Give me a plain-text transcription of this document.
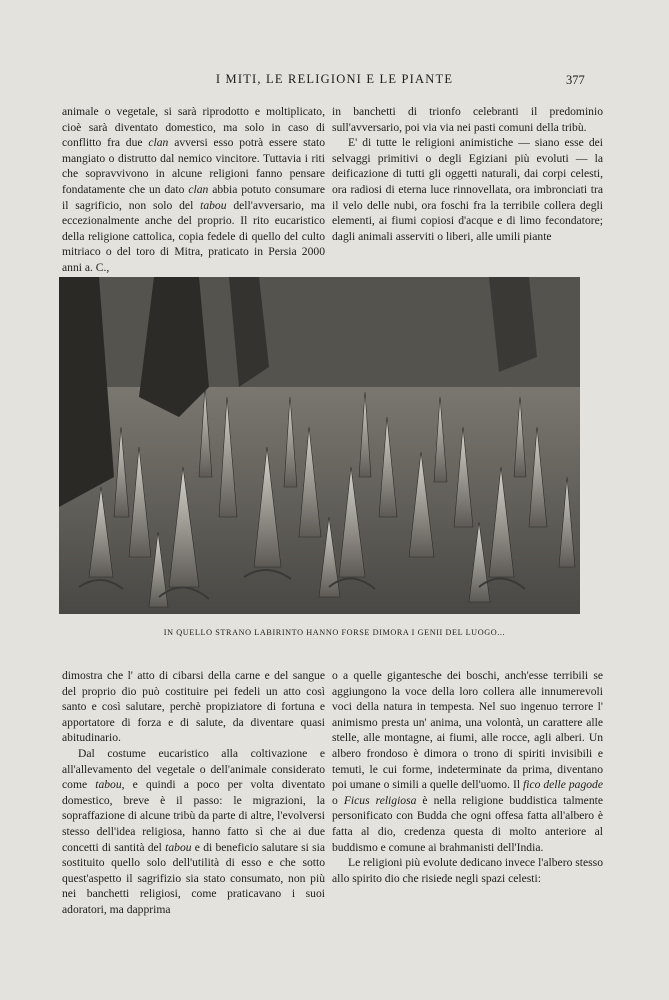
I MITI, LE RELIGIONI E LE PIANTE	377

animale o vegetale, si sarà riprodotto e moltiplicato, cioè sarà diventato domestico, ma solo in caso di conflitto fra due clan avversi esso potrà essere stato mangiato o distrutto dal nemico vincitore. Tuttavia i riti che sopravvivono in alcune religioni fanno pensare fondatamente che un dato clan abbia potuto consumare il sagrificio, non solo del tabou dell'avversario, ma eccezionalmente anche del proprio. Il rito eucaristico della religione cattolica, copia fedele di quello del culto mitriaco o del toro di Mitra, praticato in Persia 2000 anni a. C.,

in banchetti di trionfo celebranti il predominio sull'avversario, poi via via nei pasti comuni della tribù.

E' di tutte le religioni animistiche — siano esse dei selvaggi primitivi o degli Egiziani più evoluti — la deificazione di tutti gli oggetti naturali, dai corpi celesti, ora radiosi di eterna luce rinnovellata, ora imbronciati tra il velo delle nubi, ora foschi fra la terribile collera degli elementi, ai fiumi copiosi d'acque e di limo fecondatore; dagli animali asserviti o liberi, alle umili piante

IN QUELLO STRANO LABIRINTO HANNO FORSE DIMORA I GENII DEL LUOGO...

dimostra che l' atto di cibarsi della carne e del sangue del proprio dio può costituire pei fedeli un atto così santo e così salutare, perchè propiziatore di fortuna e apportatore di forza e di salute, da diventare quasi abitudinario.

Dal costume eucaristico alla coltivazione e all'allevamento del vegetale o dell'animale considerato come tabou, e quindi a poco per volta diventato domestico, breve è il passo: le migrazioni, la sopraffazione di alcune tribù da parte di altre, l'evolversi stesso dell'idea religiosa, hanno fatto sì che ai due concetti di santità del tabou e di beneficio salutare si sia sostituito quello solo dell'utilità di esso e che sotto quest'aspetto il sagrifizio sia stato consumato, non più nei banchetti religiosi, come praticavano i suoi adoratori, ma dapprima

o a quelle gigantesche dei boschi, anch'esse terribili se aggiungono la voce della loro collera alle innumerevoli voci della natura in tempesta. Nel suo ingenuo terrore l' animismo presta un' anima, una volontà, un carattere alle stelle, alle montagne, ai fiumi, alle rocce, agli alberi. Un albero frondoso è dimora o trono di spiriti invisibili e temuti, le cui forme, indeterminate da prima, diventano poi umane o simili a quelle dell'uomo. Il fico delle pagode o Ficus religiosa è nella religione buddistica talmente personificato con Budda che ogni offesa fatta all'albero è fatta al dio, credenza questa di molto anteriore al buddismo e comune ai brahmanisti dell'India.

Le religioni più evolute dedicano invece l'albero stesso allo spirito dio che risiede negli spazi celesti:
